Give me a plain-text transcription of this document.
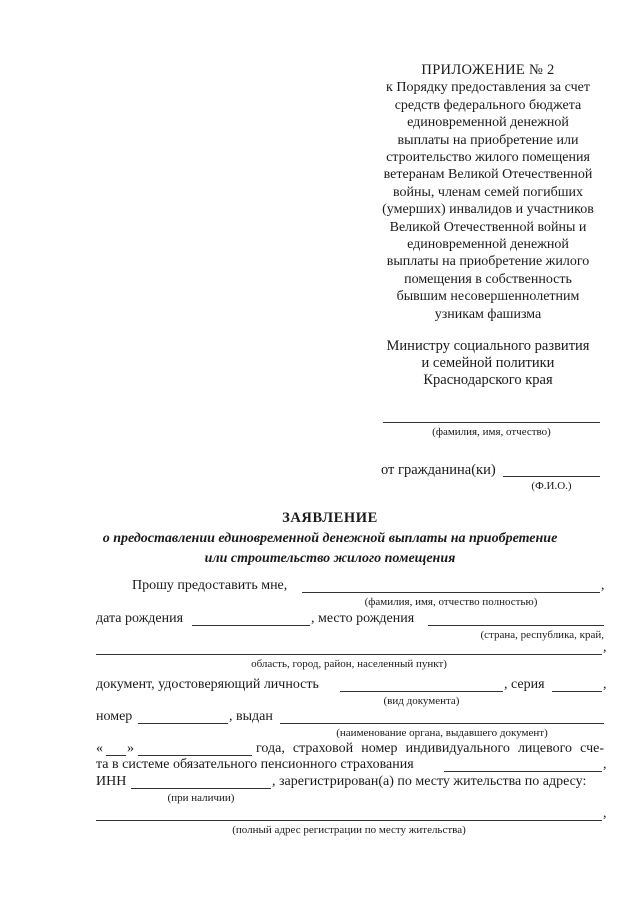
ПРИЛОЖЕНИЕ № 2
к Порядку предоставления за счет
средств федерального бюджета
единовременной денежной
выплаты на приобретение или
строительство жилого помещения
ветеранам Великой Отечественной
войны, членам семей погибших
(умерших) инвалидов и участников
Великой Отечественной войны и
единовременной денежной
выплаты на приобретение жилого
помещения в собственность
бывшим несовершеннолетним
узникам фашизма
Министру социального развития
и семейной политики
Краснодарского края
(фамилия, имя, отчество)
от гражданина(ки)
(Ф.И.О.)
ЗАЯВЛЕНИЕ
о предоставлении единовременной денежной выплаты на приобретение
или строительство жилого помещения
Прошу предоставить мне,	,
(фамилия, имя, отчество полностью)
дата рождения	, место рождения
(страна, республика, край,
,
область, город, район, населенный пункт)
документ, удостоверяющий личность
(вид документа)
, серия	,
номер	, выдан
(наименование органа, выдавшего документ)
« »	года, страховой номер индивидуального лицевого сче-
та в системе обязательного пенсионного страхования	,
ИНН	, зарегистрирован(а) по месту жительства по адресу:
(при наличии)
,
(полный адрес регистрации по месту жительства)
